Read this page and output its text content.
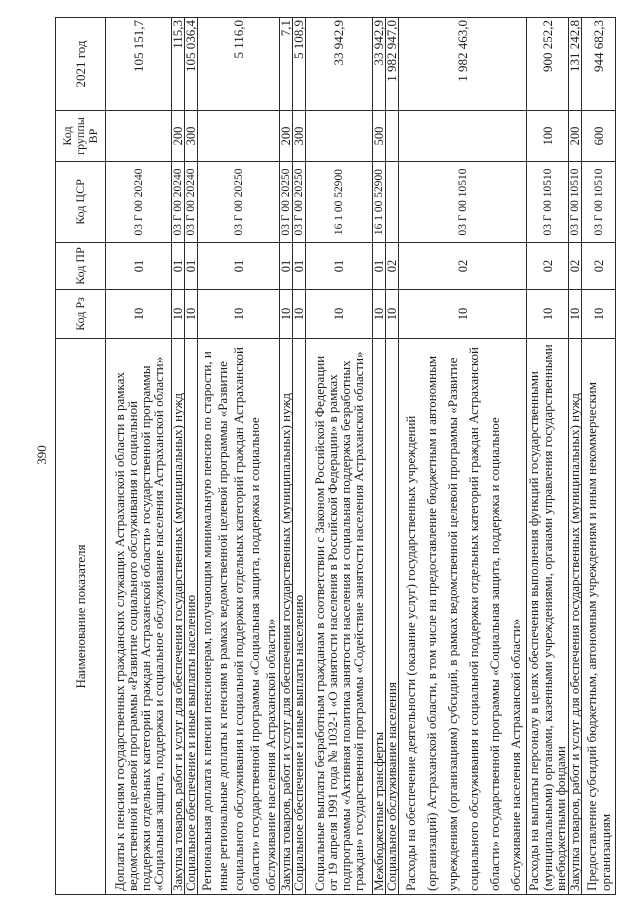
390
Наименование показателя	Код Рз	Код ПР	Код ЦСР	Код группы ВР	2021 год
Доплаты к пенсиям государственных гражданских служащих Астраханской области в рамках ведомственной целевой программы «Развитие социального обслуживания и социальной поддержки отдельных категорий граждан Астраханской области» государственной программы «Социальная защита, поддержка и социальное обслуживание населения Астраханской области»	10	01	03 Г 00 20240		105 151,7
Закупка товаров, работ и услуг для обеспечения государственных (муниципальных) нужд	10	01	03 Г 00 20240	200	115,3
Социальное обеспечение и иные выплаты населению	10	01	03 Г 00 20240	300	105 036,4
Региональная доплата к пенсии пенсионерам, получающим минимальную пенсию по старости, и иные региональные доплаты к пенсиям в рамках ведомственной целевой программы «Развитие социального обслуживания и социальной поддержки отдельных категорий граждан Астраханской области» государственной программы «Социальная защита, поддержка и социальное обслуживание населения Астраханской области»	10	01	03 Г 00 20250		5 116,0
Закупка товаров, работ и услуг для обеспечения государственных (муниципальных) нужд	10	01	03 Г 00 20250	200	7,1
Социальное обеспечение и иные выплаты населению	10	01	03 Г 00 20250	300	5 108,9
Социальные выплаты безработным гражданам в соответствии с Законом Российской Федерации от 19 апреля 1991 года № 1032-1 «О занятости населения в Российской Федерации» в рамках подпрограммы «Активная политика занятости населения и социальная поддержка безработных граждан» государственной программы «Содействие занятости населения Астраханской области»	10	01	16 1 00 52900		33 942,9
Межбюджетные трансферты	10	01	16 1 00 52900	500	33 942,9
Социальное обслуживание населения	10	02			1 982 947,0
Расходы на обеспечение деятельности (оказание услуг) государственных учреждений (организаций) Астраханской области, в том числе на предоставление бюджетным и автономным учреждениям (организациям) субсидий, в рамках ведомственной целевой программы «Развитие социального обслуживания и социальной поддержки отдельных категорий граждан Астраханской области» государственной программы «Социальная защита, поддержка и социальное обслуживание населения Астраханской области»	10	02	03 Г 00 10510		1 982 463,0
Расходы на выплаты персоналу в целях обеспечения выполнения функций государственными (муниципальными) органами, казенными учреждениями, органами управления государственными внебюджетными фондами	10	02	03 Г 00 10510	100	900 252,2
Закупка товаров, работ и услуг для обеспечения государственных (муниципальных) нужд	10	02	03 Г 00 10510	200	131 242,8
Предоставление субсидий бюджетным, автономным учреждениям и иным некоммерческим организациям	10	02	03 Г 00 10510	600	944 682,3
